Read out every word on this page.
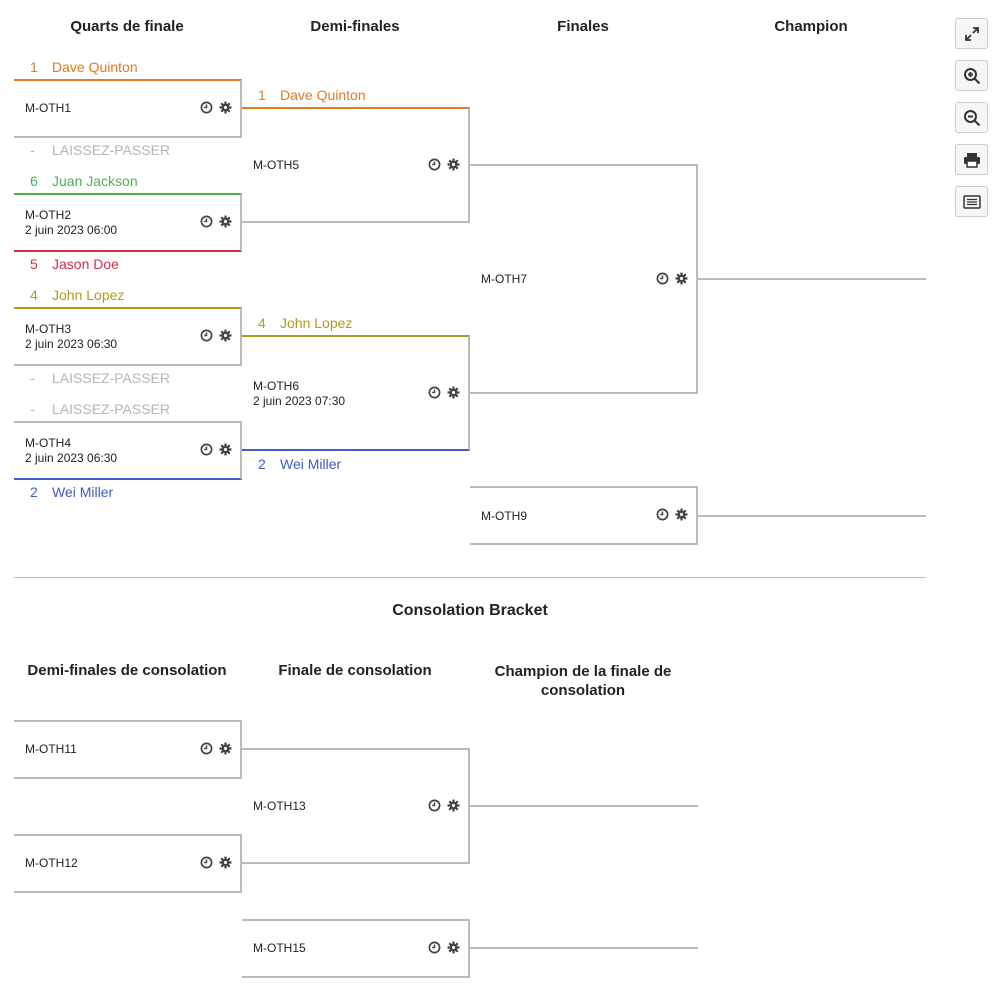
Quarts de finale	Demi-finales	Finales	Champion
1 Dave Quinton
- LAISSEZ-PASSER
6 Juan Jackson
5 Jason Doe
4 John Lopez
- LAISSEZ-PASSER
- LAISSEZ-PASSER
2 Wei Miller
1 Dave Quinton
4 John Lopez
2 Wei Miller
M-OTH1
M-OTH2
2 juin 2023 06:00
M-OTH3
2 juin 2023 06:30
M-OTH4
2 juin 2023 06:30
M-OTH5
M-OTH6
2 juin 2023 07:30
M-OTH7
M-OTH9
Consolation Bracket
Demi-finales de consolation	Finale de consolation	Champion de la finale de consolation
M-OTH11
M-OTH12
M-OTH13
M-OTH15
